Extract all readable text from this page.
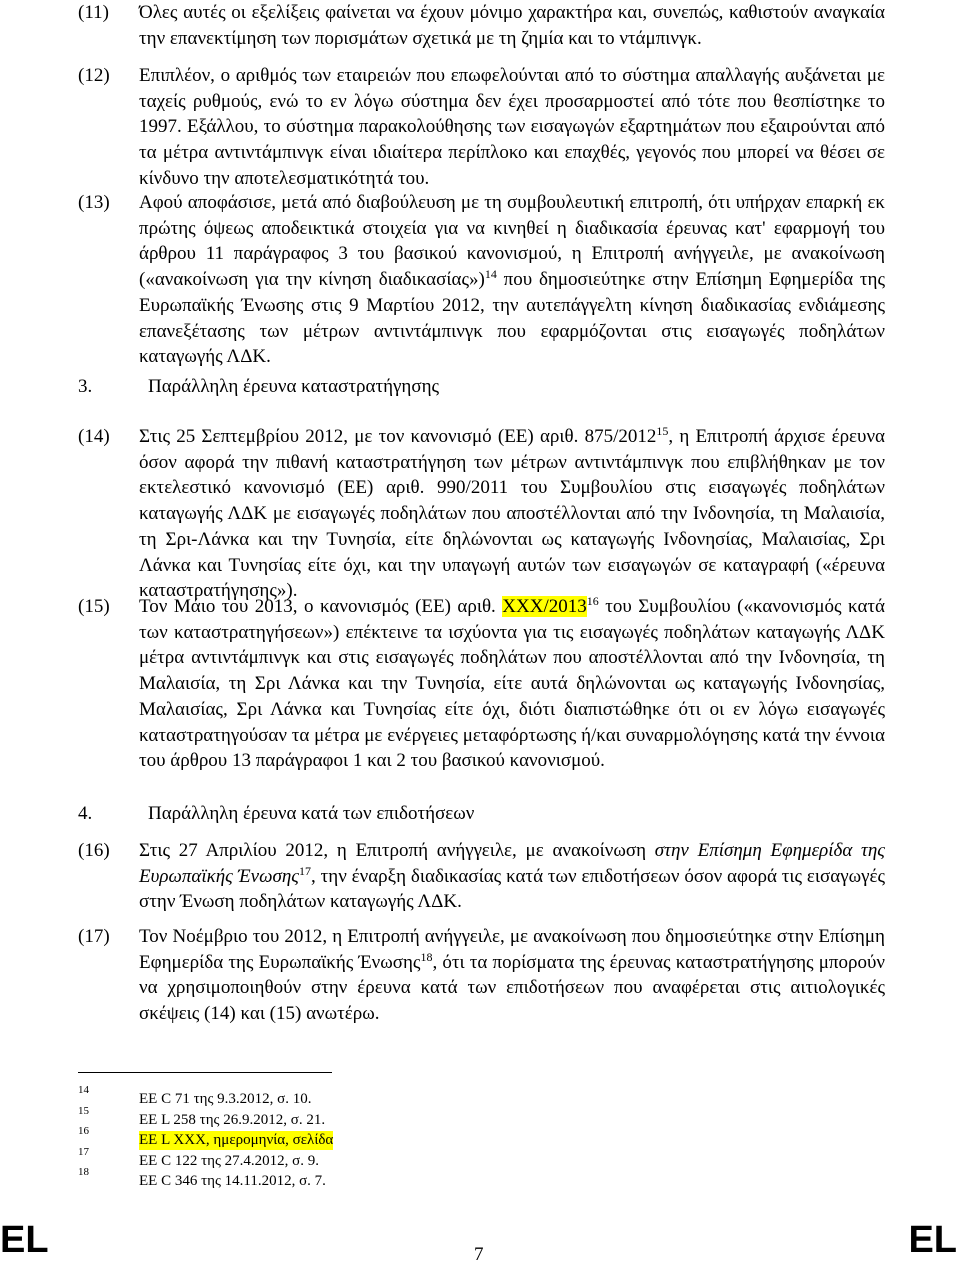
(11) Όλες αυτές οι εξελίξεις φαίνεται να έχουν μόνιμο χαρακτήρα και, συνεπώς, καθιστούν αναγκαία την επανεκτίμηση των πορισμάτων σχετικά με τη ζημία και το ντάμπινγκ.
(12) Επιπλέον, ο αριθμός των εταιρειών που επωφελούνται από το σύστημα απαλλαγής αυξάνεται με ταχείς ρυθμούς, ενώ το εν λόγω σύστημα δεν έχει προσαρμοστεί από τότε που θεσπίστηκε το 1997. Εξάλλου, το σύστημα παρακολούθησης των εισαγωγών εξαρτημάτων που εξαιρούνται από τα μέτρα αντιντάμπινγκ είναι ιδιαίτερα περίπλοκο και επαχθές, γεγονός που μπορεί να θέσει σε κίνδυνο την αποτελεσματικότητά του.
(13) Αφού αποφάσισε, μετά από διαβούλευση με τη συμβουλευτική επιτροπή, ότι υπήρχαν επαρκή εκ πρώτης όψεως αποδεικτικά στοιχεία για να κινηθεί η διαδικασία έρευνας κατ' εφαρμογή του άρθρου 11 παράγραφος 3 του βασικού κανονισμού, η Επιτροπή ανήγγειλε, με ανακοίνωση («ανακοίνωση για την κίνηση διαδικασίας»)$^{14}$ που δημοσιεύτηκε στην Επίσημη Εφημερίδα της Ευρωπαϊκής Ένωσης στις 9 Μαρτίου 2012, την αυτεπάγγελτη κίνηση διαδικασίας ενδιάμεσης επανεξέτασης των μέτρων αντιντάμπινγκ που εφαρμόζονται στις εισαγωγές ποδηλάτων καταγωγής ΛΔΚ.
3.	Παράλληλη έρευνα καταστρατήγησης
(14) Στις 25 Σεπτεμβρίου 2012, με τον κανονισμό (ΕΕ) αριθ. 875/2012$^{15}$, η Επιτροπή άρχισε έρευνα όσον αφορά την πιθανή καταστρατήγηση των μέτρων αντιντάμπινγκ που επιβλήθηκαν με τον εκτελεστικό κανονισμό (ΕΕ) αριθ. 990/2011 του Συμβουλίου στις εισαγωγές ποδηλάτων καταγωγής ΛΔΚ με εισαγωγές ποδηλάτων που αποστέλλονται από την Ινδονησία, τη Μαλαισία, τη Σρι-Λάνκα και την Τυνησία, είτε δηλώνονται ως καταγωγής Ινδονησίας, Μαλαισίας, Σρι Λάνκα και Τυνησίας είτε όχι, και την υπαγωγή αυτών των εισαγωγών σε καταγραφή («έρευνα καταστρατήγησης»).
(15) Τον Μάιο του 2013, ο κανονισμός (ΕΕ) αριθ. XXX/2013$^{16}$ του Συμβουλίου («κανονισμός κατά των καταστρατηγήσεων») επέκτεινε τα ισχύοντα για τις εισαγωγές ποδηλάτων καταγωγής ΛΔΚ μέτρα αντιντάμπινγκ και στις εισαγωγές ποδηλάτων που αποστέλλονται από την Ινδονησία, τη Μαλαισία, τη Σρι Λάνκα και την Τυνησία, είτε αυτά δηλώνονται ως καταγωγής Ινδονησίας, Μαλαισίας, Σρι Λάνκα και Τυνησίας είτε όχι, διότι διαπιστώθηκε ότι οι εν λόγω εισαγωγές καταστρατηγούσαν τα μέτρα με ενέργειες μεταφόρτωσης ή/και συναρμολόγησης κατά την έννοια του άρθρου 13 παράγραφοι 1 και 2 του βασικού κανονισμού.
4.	Παράλληλη έρευνα κατά των επιδοτήσεων
(16) Στις 27 Απριλίου 2012, η Επιτροπή ανήγγειλε, με ανακοίνωση στην Επίσημη Εφημερίδα της Ευρωπαϊκής Ένωσης$^{17}$, την έναρξη διαδικασίας κατά των επιδοτήσεων όσον αφορά τις εισαγωγές στην Ένωση ποδηλάτων καταγωγής ΛΔΚ.
(17) Τον Νοέμβριο του 2012, η Επιτροπή ανήγγειλε, με ανακοίνωση που δημοσιεύτηκε στην Επίσημη Εφημερίδα της Ευρωπαϊκής Ένωσης$^{18}$, ότι τα πορίσματα της έρευνας καταστρατήγησης μπορούν να χρησιμοποιηθούν στην έρευνα κατά των επιδοτήσεων που αναφέρεται στις αιτιολογικές σκέψεις (14) και (15) ανωτέρω.
14
ΕΕ C 71 της 9.3.2012, σ. 10.
15
ΕΕ L 258 της 26.9.2012, σ. 21.
16
ΕΕ L XXX, ημερομηνία, σελίδα
17
ΕΕ C 122 της 27.4.2012, σ. 9.
18
ΕΕ C 346 της 14.11.2012, σ. 7.
EL	7	EL
